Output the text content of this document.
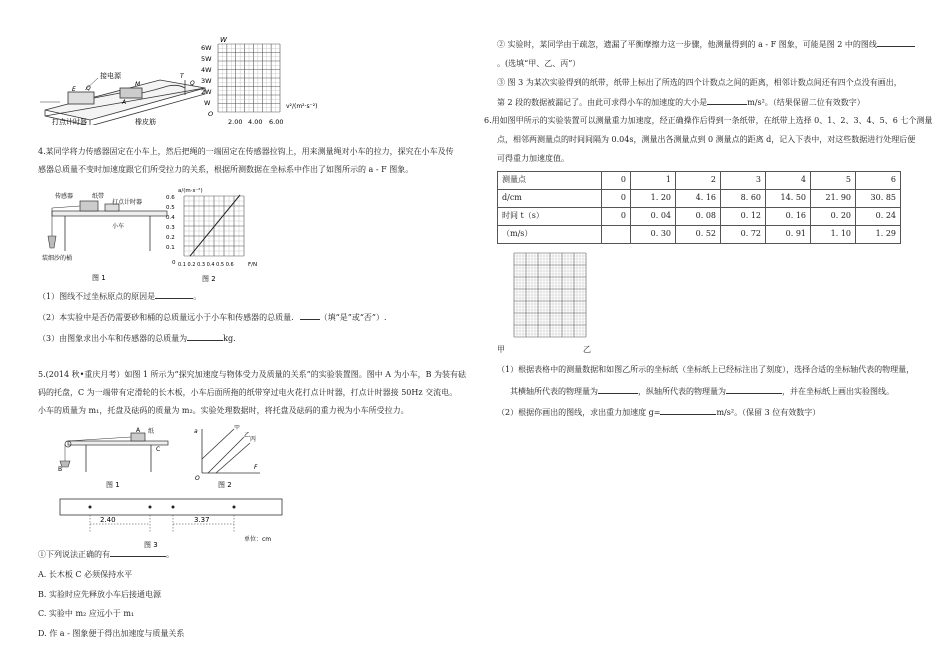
接电源
打点计时器	橡皮筋
E Q
M
A
Q
T
W
6W
5W
4W
3W
2W
W
O
2.00 4.00 6.00
v²/(m²·s⁻²)

4.某同学将力传感器固定在小车上，然后把绳的一端固定在传感器拉钩上，用来测量绳对小车的拉力，探究在小车及传

感器总质量不变时加速度跟它们所受拉力的关系，根据所测数据在坐标系中作出了如图所示的 a - F 图象。

传感器	纸带
打点计时器
小车
装细沙的桶
图 1
a/(m·s⁻²)
0.6
0.5
0.4
0.3
0.2
0.1
0 0.1 0.2 0.3 0.4 0.5 0.6	F/N
图 2

（1）图线不过坐标原点的原因是	。

（2）本实验中是否仍需要砂和桶的总质量远小于小车和传感器的总质量.	（填“是”或“否”）.

（3）由图象求出小车和传感器的总质量为	kg.

5.(2014 秋•重庆月考）如图 1 所示为“探究加速度与物体受力及质量的关系”的实验装置图。图中 A 为小车，B 为装有砝

码的托盘，C 为一端带有定滑轮的长木板，小车后面所拖的纸带穿过电火花打点计时器，打点计时器接 50Hz 交流电。

小车的质量为 m₁，托盘及砝码的质量为 m₂。实验处理数据时，将托盘及砝码的重力视为小车所受拉力。

纸
A
B
C
图 1
a
甲
乙
丙
F
O
图 2
2.40	3.37
单位：cm
图 3

①下列说法正确的有	。

A. 长木板 C 必须保持水平

B. 实验时应先释放小车后接通电源

C. 实验中 m₂ 应远小于 m₁

D. 作 a - 图象便于得出加速度与质量关系

② 实验时，某同学由于疏忽，遗漏了平衡摩擦力这一步骤，他测量得到的 a - F 图象，可能是图 2 中的图线

。(选填“甲、乙、丙”）

③ 图 3 为某次实验得到的纸带，纸带上标出了所选的四个计数点之间的距离，相邻计数点间还有四个点没有画出，

第 2 段的数据被漏记了。由此可求得小车的加速度的大小是	m/s²。（结果保留二位有效数字）

6.用如图甲所示的实验装置可以测量重力加速度，经正确操作后得到一条纸带，在纸带上选择 0、1、2、3、4、5、6 七个测量

点，相邻两测量点的时间间隔为 0.04s，测量出各测量点到 0 测量点的距离 d，记入下表中，对这些数据进行处理后便

可得重力加速度值。

测量点	0	1	2	3	4	5	6
d/cm	0	1. 20	4. 16	8. 60	14. 50	21. 90	30. 85
时间 t（s）	0	0. 04	0. 08	0. 12	0. 16	0. 20	0. 24
（m/s）		0. 30	0. 52	0. 72	0. 91	1. 10	1. 29

甲	乙

（1）根据表格中的测量数据和如图乙所示的坐标纸（坐标纸上已经标注出了刻度），选择合适的坐标轴代表的物理量，

其横轴所代表的物理量为	，纵轴所代表的物理量为	，并在坐标纸上画出实验图线。

（2）根据你画出的图线，求出重力加速度 g=	m/s²。（保留 3 位有效数字）
